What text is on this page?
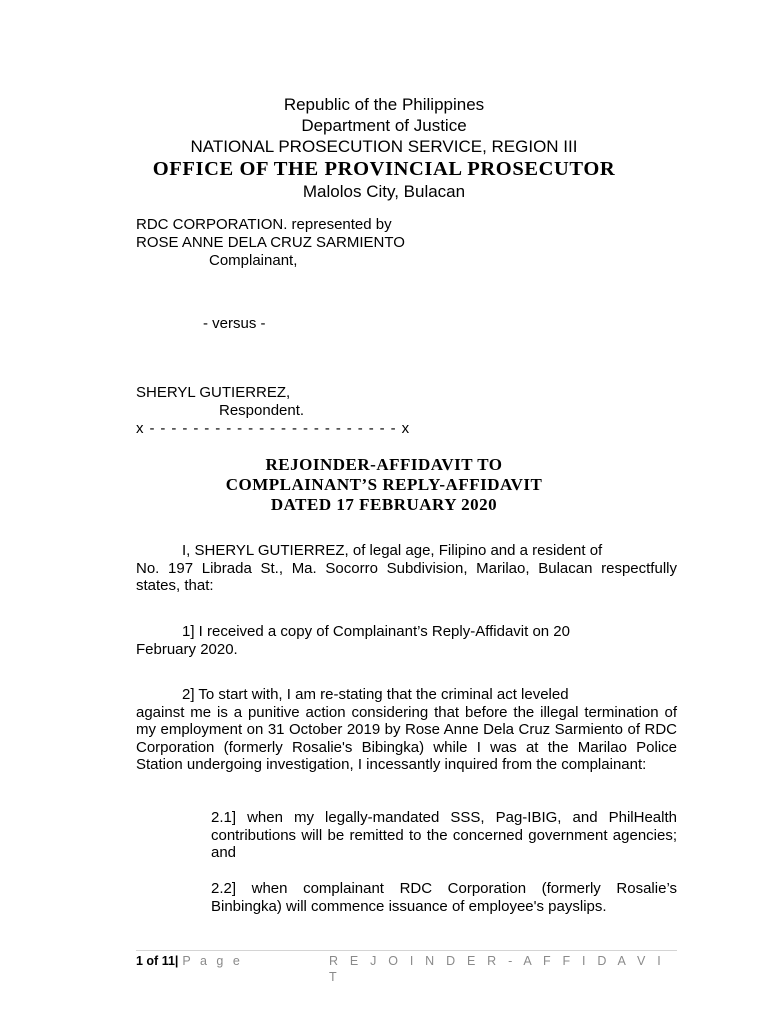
Republic of the Philippines
Department of Justice
NATIONAL PROSECUTION SERVICE, REGION III
OFFICE OF THE PROVINCIAL PROSECUTOR
Malolos City, Bulacan
RDC CORPORATION. represented by
ROSE ANNE DELA CRUZ SARMIENTO
Complainant,
- versus -
SHERYL GUTIERREZ,
Respondent.
x - - - - - - - - - - - - - - - - - - - - - - - x
REJOINDER-AFFIDAVIT TO
COMPLAINANT’S REPLY-AFFIDAVIT
DATED 17 FEBRUARY 2020
I, SHERYL GUTIERREZ, of legal age, Filipino and a resident of
No. 197 Librada St., Ma. Socorro Subdivision, Marilao, Bulacan respectfully states, that:
1] I received a copy of Complainant’s Reply-Affidavit on 20
February 2020.
2] To start with, I am re-stating that the criminal act leveled
against me is a punitive action considering that before the illegal termination of my employment on 31 October 2019 by Rose Anne Dela Cruz Sarmiento of RDC Corporation (formerly Rosalie's Bibingka) while I was at the Marilao Police Station undergoing investigation, I incessantly inquired from the complainant:
2.1] when my legally-mandated SSS, Pag-IBIG, and PhilHealth contributions will be remitted to the concerned government agencies; and
2.2] when complainant RDC Corporation (formerly Rosalie’s Binbingka) will commence issuance of employee's payslips.
1 of 11| P a g e	R E J O I N D E R - A F F I D A V I T
